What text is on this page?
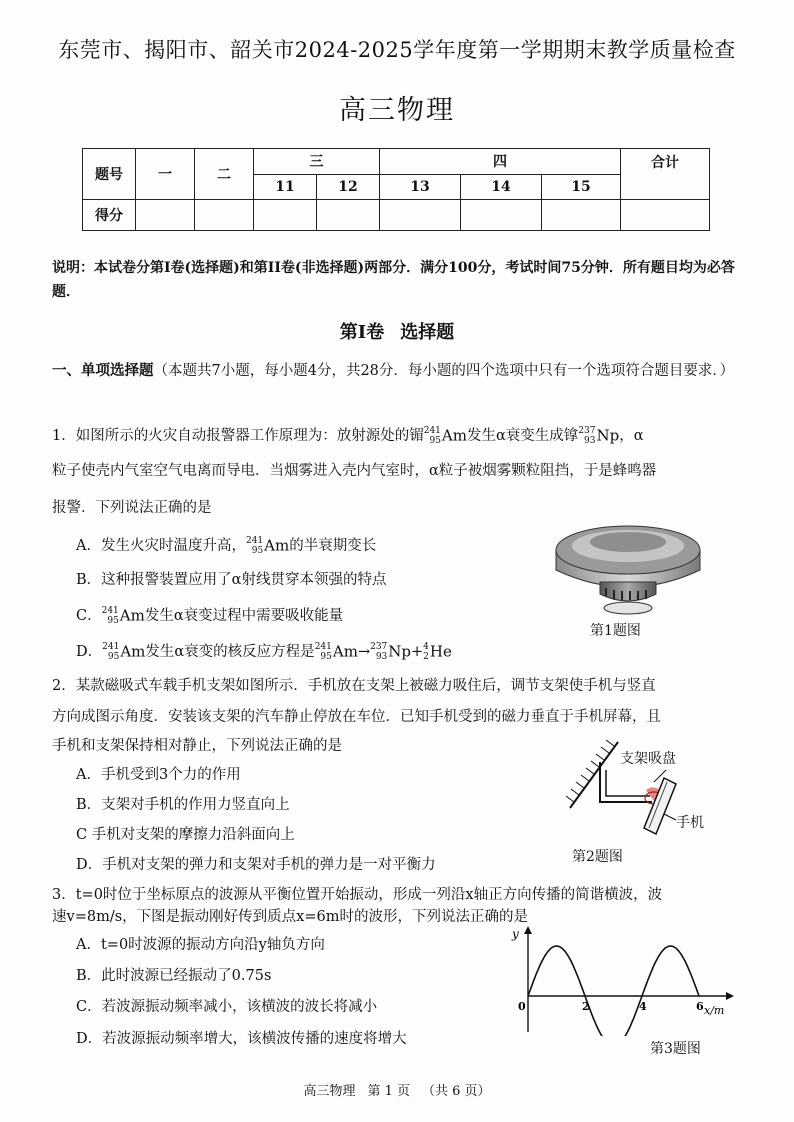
东莞市、揭阳市、韶关市2024-2025学年度第一学期期末教学质量检查
高三物理
题号	一	二	三		四			合计
			11	12	13	14	15	
得分								
说明：本试卷分第I卷(选择题)和第II卷(非选择题)两部分．满分100分，考试时间75分钟．所有题目均为必答题．
第I卷 选择题
一、单项选择题（本题共7小题，每小题4分，共28分．每小题的四个选项中只有一个选项符合题目要求．）
1．如图所示的火灾自动报警器工作原理为：放射源处的镅 241
95 Am发生α衰变生成镎 237
93 Np，α
粒子使壳内气室空气电离而导电．当烟雾进入壳内气室时，α粒子被烟雾颗粒阻挡，于是蜂鸣器
报警．下列说法正确的是
A．发生火灾时温度升高， 241
95 Am的半衰期变长
B．这种报警装置应用了α射线贯穿本领强的特点
C． 241
95 Am发生α衰变过程中需要吸收能量
D． 241
95 Am发生α衰变的核反应方程是 241
95 Am→ 237
93 Np+ 4
2 He
第1题图
2．某款磁吸式车载手机支架如图所示．手机放在支架上被磁力吸住后，调节支架使手机与竖直
方向成图示角度．安装该支架的汽车静止停放在车位．已知手机受到的磁力垂直于手机屏幕，且
手机和支架保持相对静止，下列说法正确的是
A．手机受到3个力的作用
B．支架对手机的作用力竖直向上
C 手机对支架的摩擦力沿斜面向上
D．手机对支架的弹力和支架对手机的弹力是一对平衡力
支架吸盘
手机
第2题图
3．t=0时位于坐标原点的波源从平衡位置开始振动，形成一列沿x轴正方向传播的简谐横波，波
速v=8m/s，下图是振动刚好传到质点x=6m时的波形，下列说法正确的是
A．t=0时波源的振动方向沿y轴负方向
B．此时波源已经振动了0.75s
C．若波源振动频率减小，该横波的波长将减小
D．若波源振动频率增大，该横波传播的速度将增大
y
x/m
0	2	4	6
第3题图
高三物理 第 1 页 （共 6 页）
